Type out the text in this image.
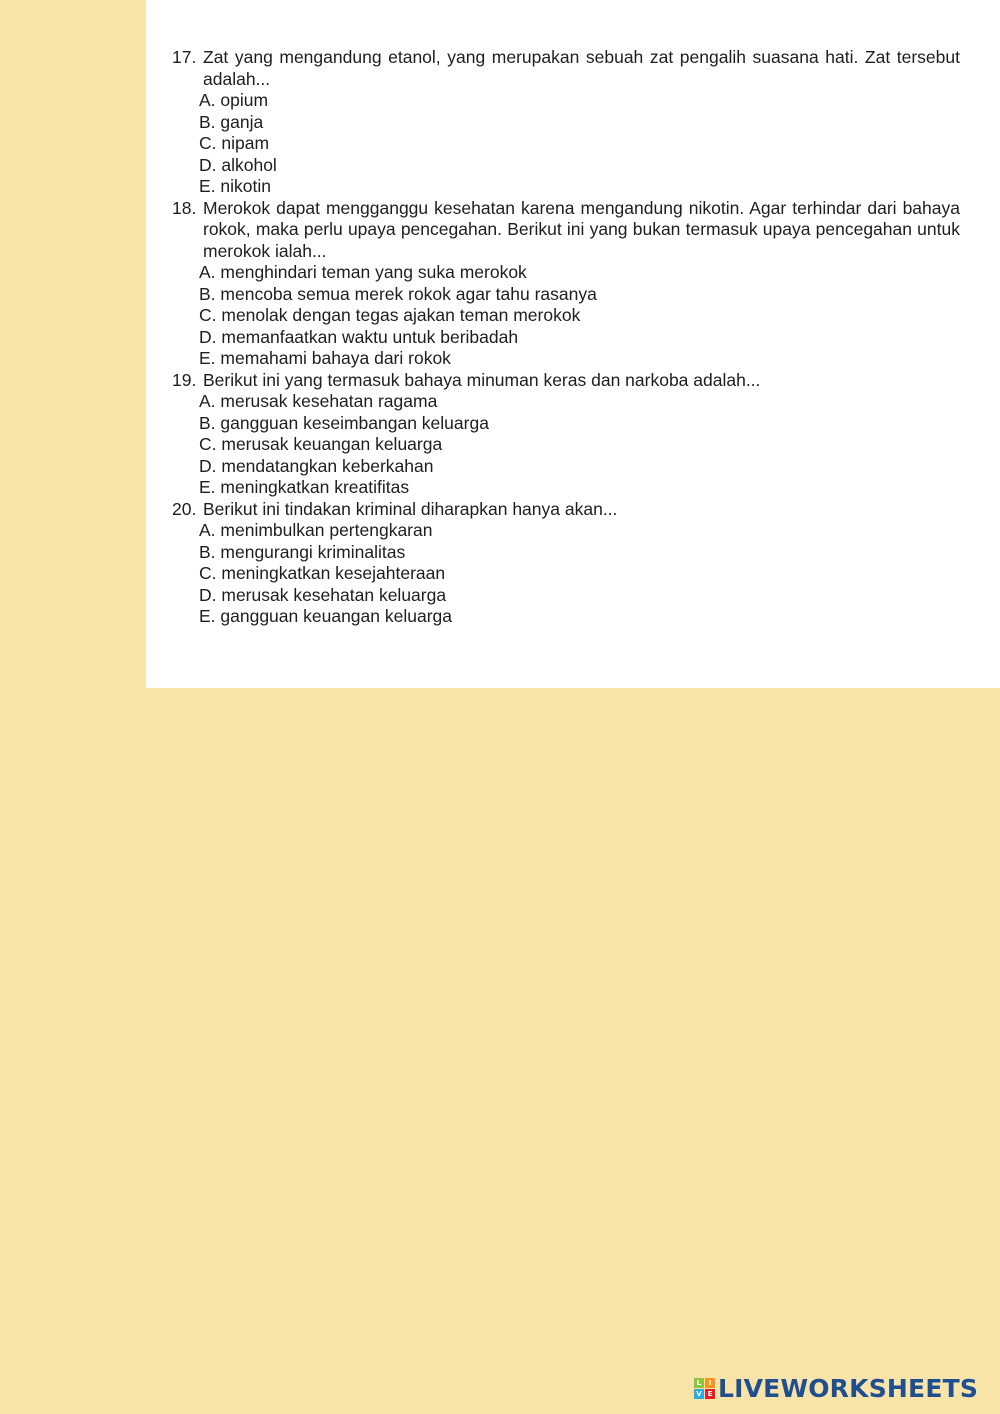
17. Zat yang mengandung etanol, yang merupakan sebuah zat pengalih suasana hati. Zat tersebut adalah...
A. opium
B. ganja
C. nipam
D. alkohol
E. nikotin
18. Merokok dapat mengganggu kesehatan karena mengandung nikotin. Agar terhindar dari bahaya rokok, maka perlu upaya pencegahan. Berikut ini yang bukan termasuk upaya pencegahan untuk merokok ialah...
A. menghindari teman yang suka merokok
B. mencoba semua merek rokok agar tahu rasanya
C. menolak dengan tegas ajakan teman merokok
D. memanfaatkan waktu untuk beribadah
E. memahami bahaya dari rokok
19. Berikut ini yang termasuk bahaya minuman keras dan narkoba adalah...
A. merusak kesehatan ragama
B. gangguan keseimbangan keluarga
C. merusak keuangan keluarga
D. mendatangkan keberkahan
E. meningkatkan kreatifitas
20. Berikut ini tindakan kriminal diharapkan hanya akan...
A. menimbulkan pertengkaran
B. mengurangi kriminalitas
C. meningkatkan kesejahteraan
D. merusak kesehatan keluarga
E. gangguan keuangan keluarga
L	I
V E LIVEWORKSHEETS
